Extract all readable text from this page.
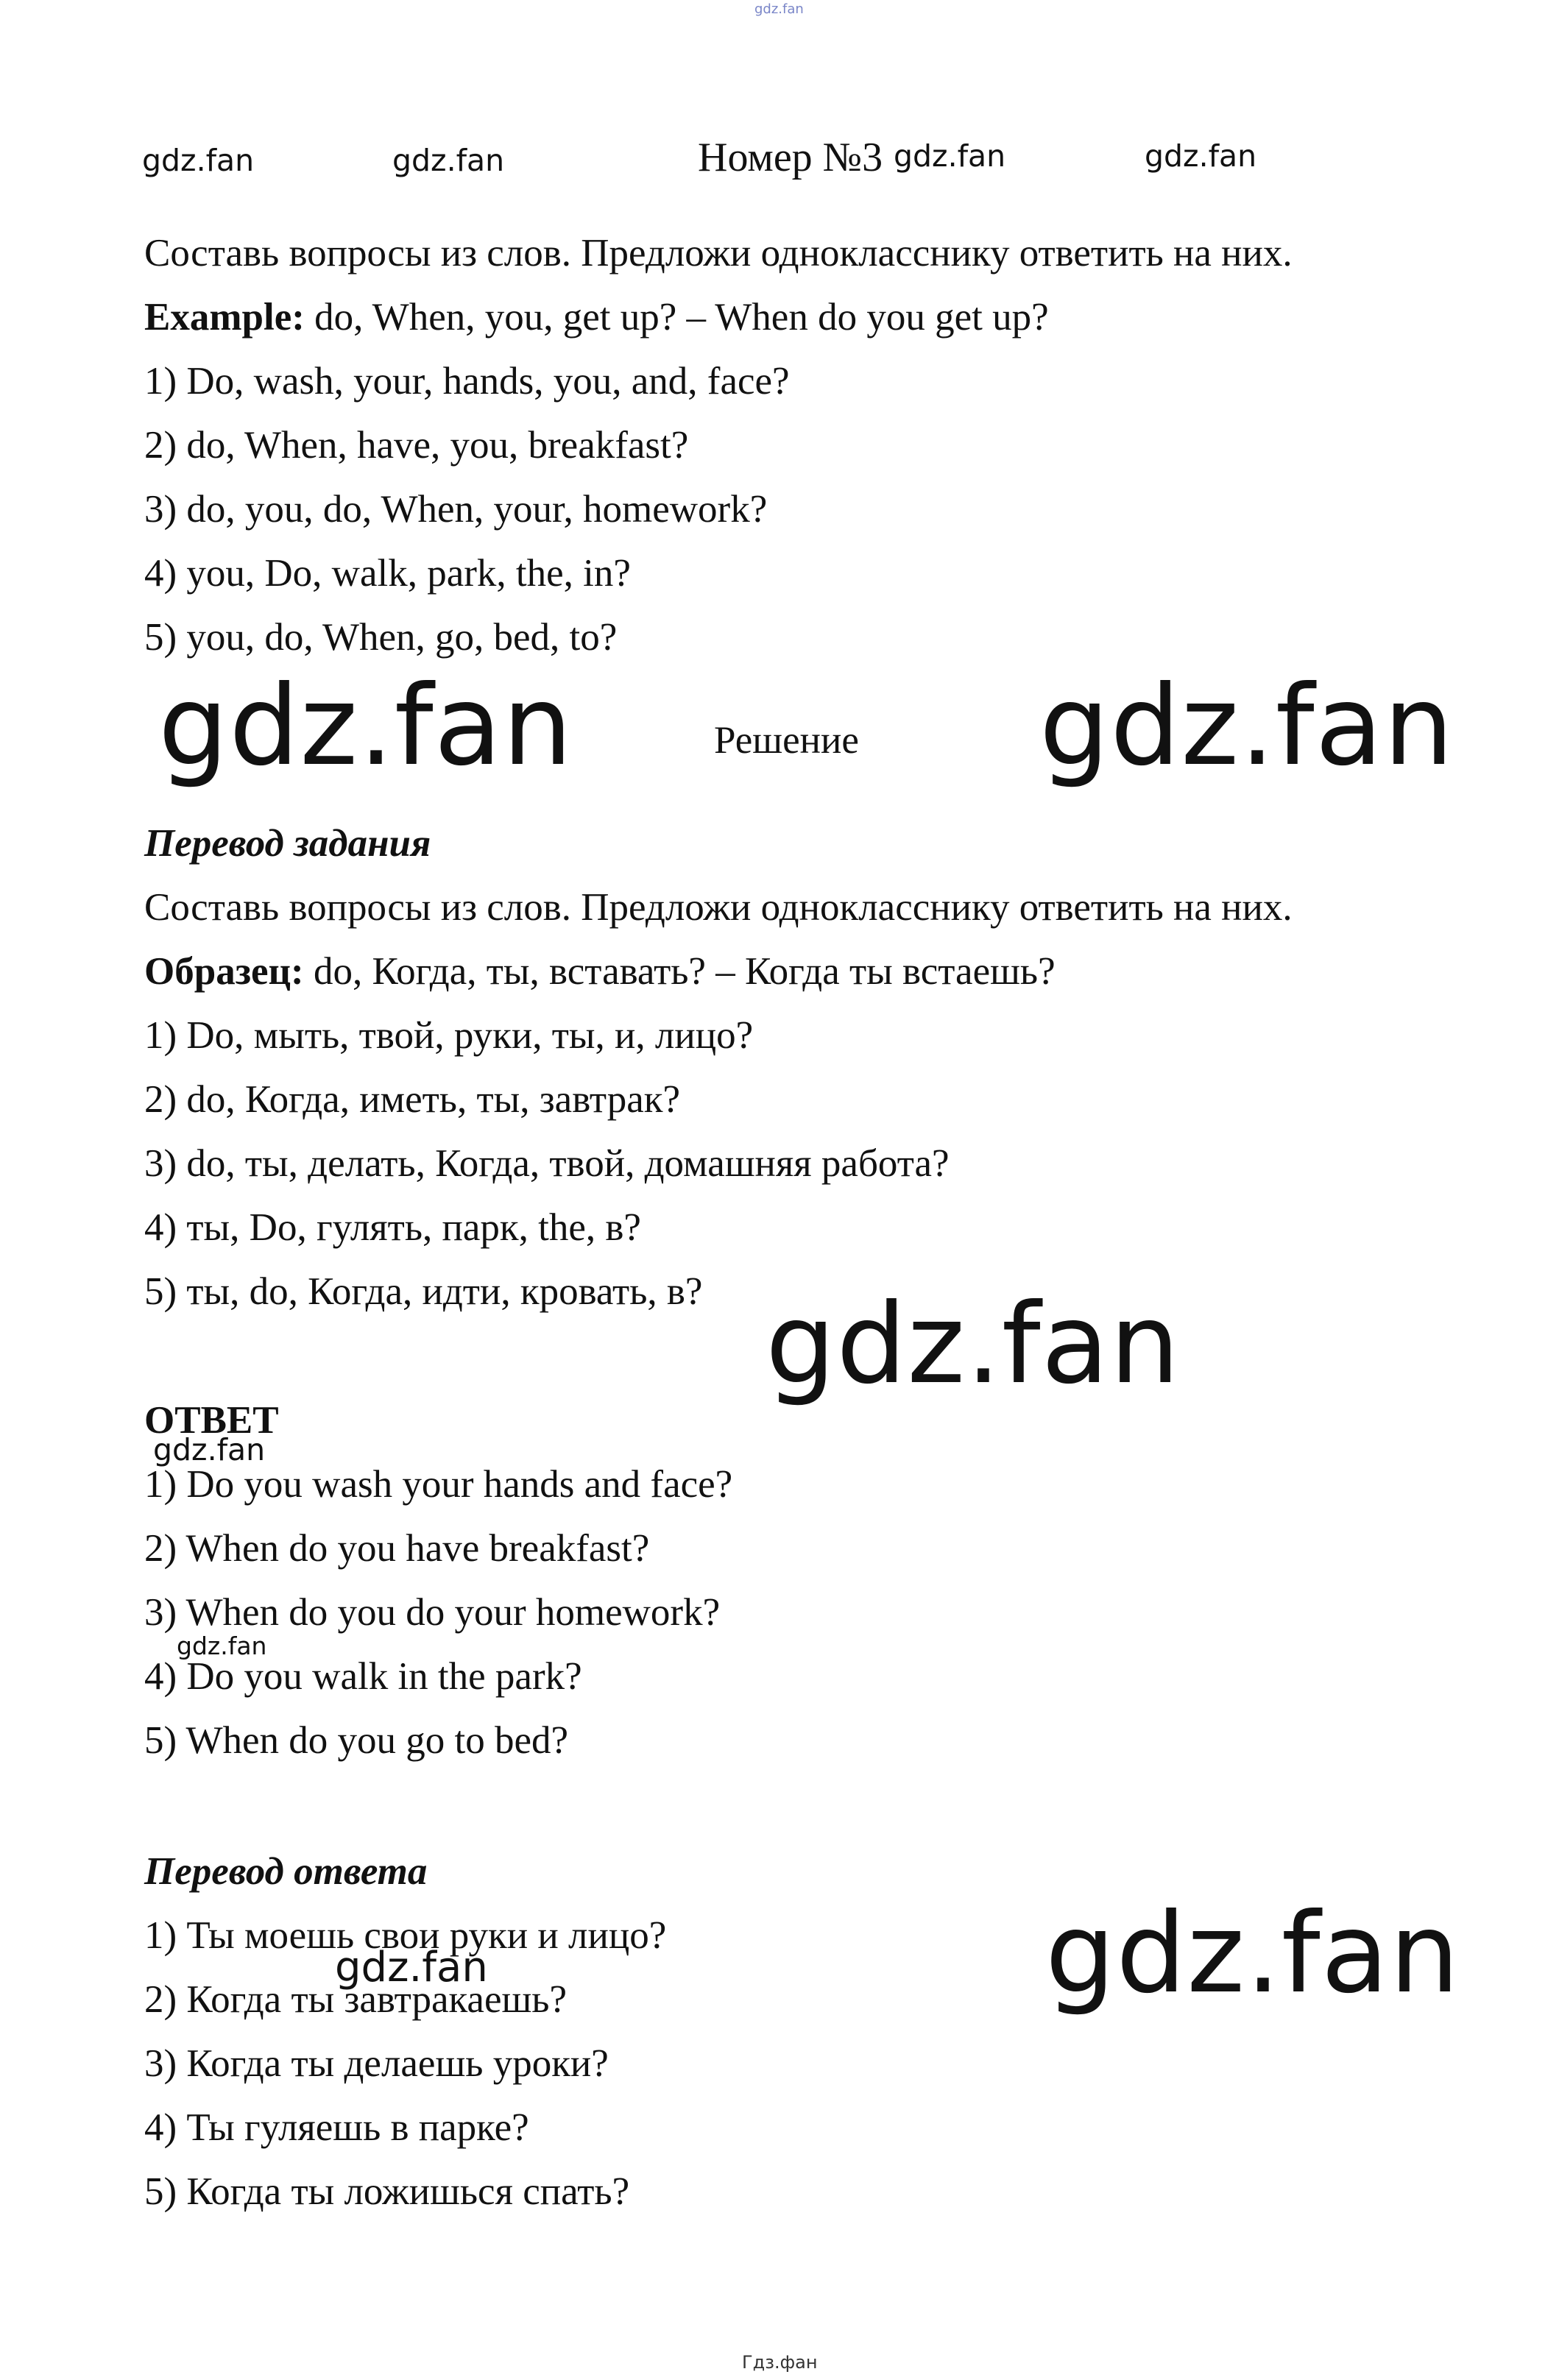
gdz.fan
gdz.fan	gdz.fan	Номер №3 gdz.fan	gdz.fan
Составь вопросы из слов. Предложи однокласснику ответить на них.
Example: do, When, you, get up? – When do you get up?
1) Do, wash, your, hands, you, and, face?
2) do, When, have, you, breakfast?
3) do, you, do, When, your, homework?
4) you, Do, walk, park, the, in?
5) you, do, When, go, bed, to?
gdz.fan	Решение gdz.fan
Перевод задания
Составь вопросы из слов. Предложи однокласснику ответить на них.
Образец: do, Когда, ты, вставать? – Когда ты встаешь?
1) Do, мыть, твой, руки, ты, и, лицо?
2) do, Когда, иметь, ты, завтрак?
3) do, ты, делать, Когда, твой, домашняя работа?
4) ты, Do, гулять, парк, the, в?
5) ты, do, Когда, идти, кровать, в? gdz.fan
ОТВЕТ
gdz.fan
1) Do you wash your hands and face?
2) When do you have breakfast?
3) When do you do your homework?
gdz.fan
4) Do you walk in the park?
5) When do you go to bed?
Перевод ответа
1) Ты моешь свои руки и лицо?
gdz.fan
2) Когда ты завтракаешь?
3) Когда ты делаешь уроки?
4) Ты гуляешь в парке?
5) Когда ты ложишься спать?
gdz.fan
Гдз.фан
